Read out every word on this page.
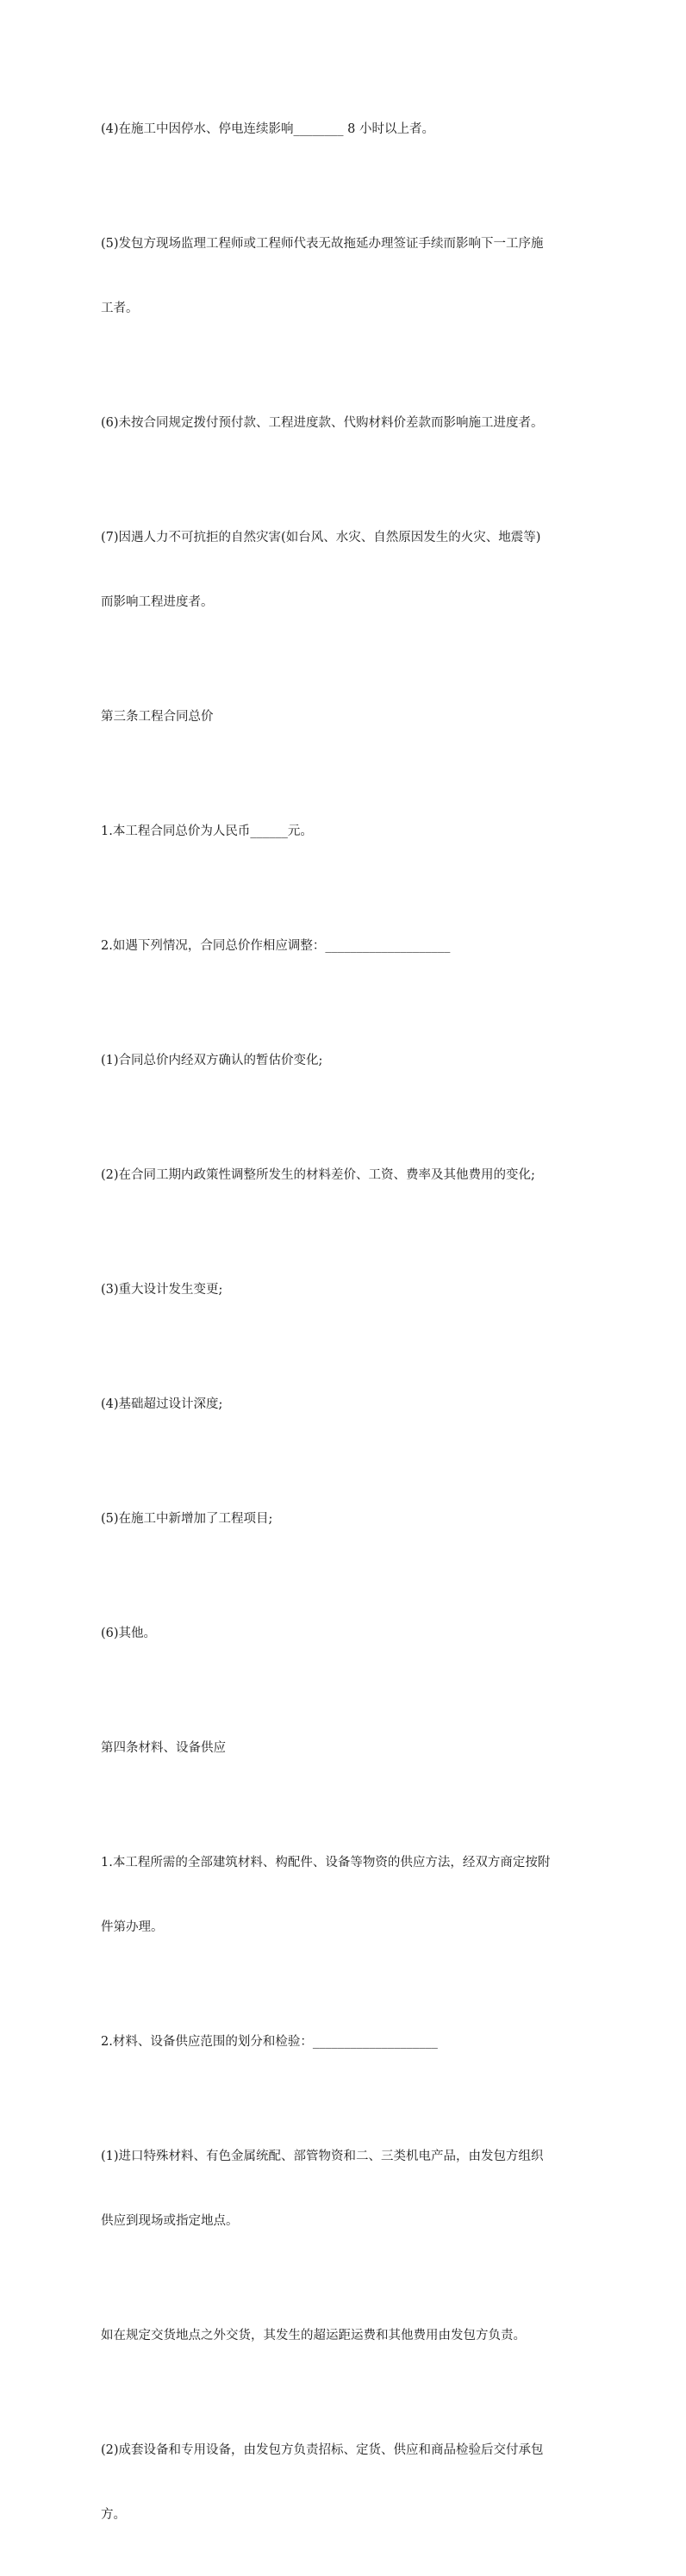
(4)在施工中因停水、停电连续影响________ 8 小时以上者。

(5)发包方现场监理工程师或工程师代表无故拖延办理签证手续而影响下一工序施

工者。

(6)未按合同规定拨付预付款、工程进度款、代购材料价差款而影响施工进度者。

(7)因遇人力不可抗拒的自然灾害(如台风、水灾、自然原因发生的火灾、地震等)

而影响工程进度者。

第三条工程合同总价

1.本工程合同总价为人民币______元。

2.如遇下列情况，合同总价作相应调整：____________________

(1)合同总价内经双方确认的暂估价变化;

(2)在合同工期内政策性调整所发生的材料差价、工资、费率及其他费用的变化;

(3)重大设计发生变更;

(4)基础超过设计深度;

(5)在施工中新增加了工程项目;

(6)其他。

第四条材料、设备供应

1.本工程所需的全部建筑材料、构配件、设备等物资的供应方法，经双方商定按附

件第办理。

2.材料、设备供应范围的划分和检验：____________________

(1)进口特殊材料、有色金属统配、部管物资和二、三类机电产品，由发包方组织

供应到现场或指定地点。

如在规定交货地点之外交货，其发生的超运距运费和其他费用由发包方负责。

(2)成套设备和专用设备，由发包方负责招标、定货、供应和商品检验后交付承包

方。
